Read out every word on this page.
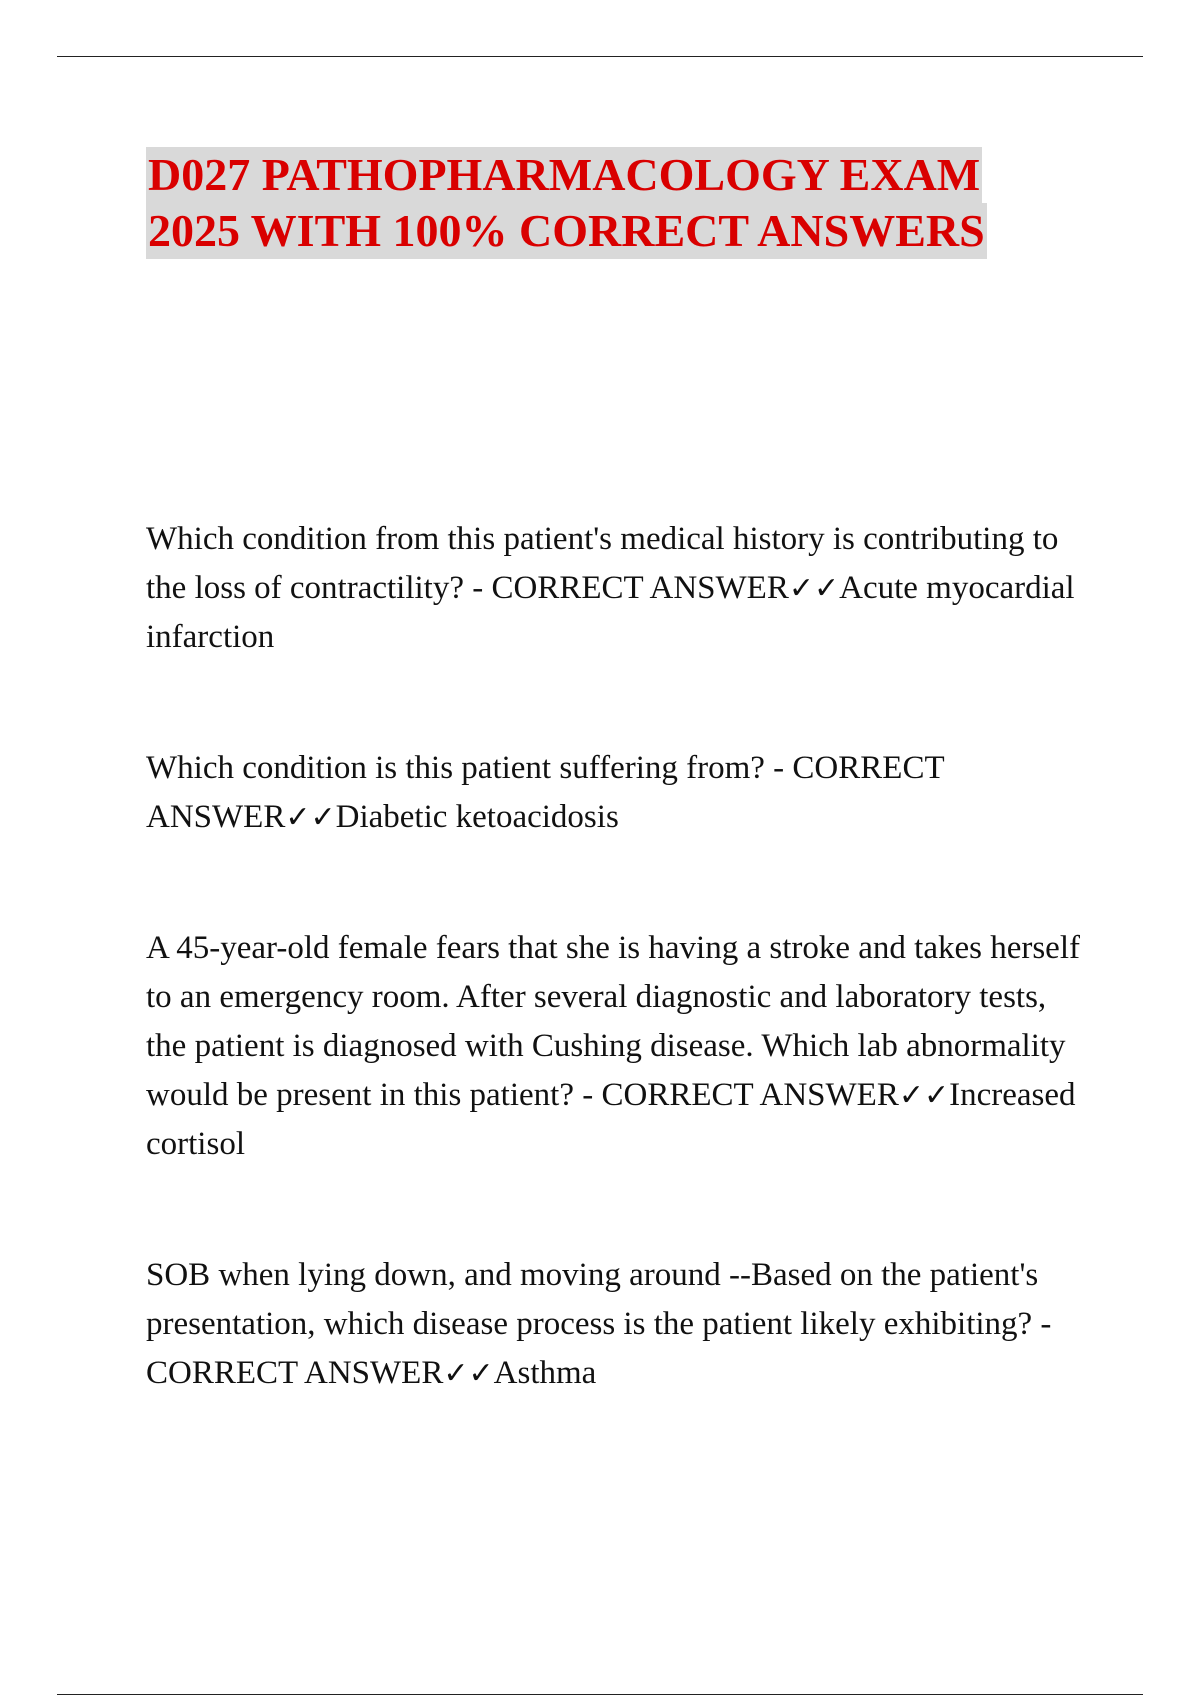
D027 PATHOPHARMACOLOGY EXAM
2025 WITH 100% CORRECT ANSWERS

Which condition from this patient's medical history is contributing to the loss of contractility? - CORRECT ANSWER✓✓Acute myocardial infarction

Which condition is this patient suffering from? - CORRECT ANSWER✓✓Diabetic ketoacidosis

A 45-year-old female fears that she is having a stroke and takes herself to an emergency room. After several diagnostic and laboratory tests, the patient is diagnosed with Cushing disease. Which lab abnormality would be present in this patient? - CORRECT ANSWER✓✓Increased cortisol

SOB when lying down, and moving around --Based on the patient's presentation, which disease process is the patient likely exhibiting? - CORRECT ANSWER✓✓Asthma
